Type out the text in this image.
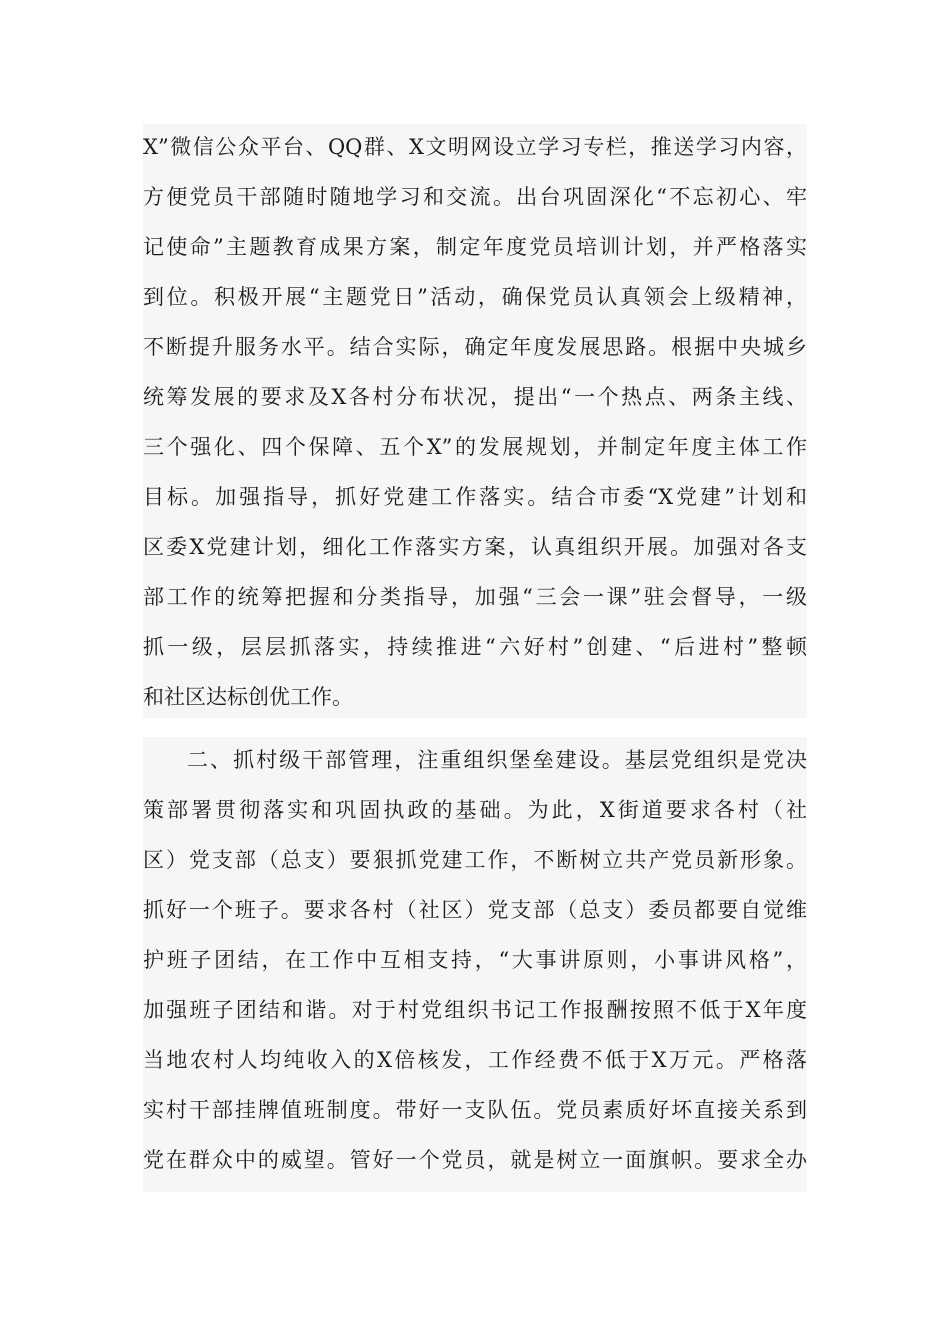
X”微信公众平台、QQ群、X文明网设立学习专栏，推送学习内容，
方便党员干部随时随地学习和交流。出台巩固深化“不忘初心、牢
记使命”主题教育成果方案，制定年度党员培训计划，并严格落实
到位。积极开展“主题党日”活动，确保党员认真领会上级精神，
不断提升服务水平。结合实际，确定年度发展思路。根据中央城乡
统筹发展的要求及X各村分布状况，提出“一个热点、两条主线、
三个强化、四个保障、五个X”的发展规划，并制定年度主体工作
目标。加强指导，抓好党建工作落实。结合市委“X党建”计划和
区委X党建计划，细化工作落实方案，认真组织开展。加强对各支
部工作的统筹把握和分类指导，加强“三会一课”驻会督导，一级
抓一级，层层抓落实，持续推进“六好村”创建、“后进村”整顿
和社区达标创优工作。
二、抓村级干部管理，注重组织堡垒建设。基层党组织是党决
策部署贯彻落实和巩固执政的基础。为此，X街道要求各村（社
区）党支部（总支）要狠抓党建工作，不断树立共产党员新形象。
抓好一个班子。要求各村（社区）党支部（总支）委员都要自觉维
护班子团结，在工作中互相支持，“大事讲原则，小事讲风格”，
加强班子团结和谐。对于村党组织书记工作报酬按照不低于X年度
当地农村人均纯收入的X倍核发，工作经费不低于X万元。严格落
实村干部挂牌值班制度。带好一支队伍。党员素质好坏直接关系到
党在群众中的威望。管好一个党员，就是树立一面旗帜。要求全办
